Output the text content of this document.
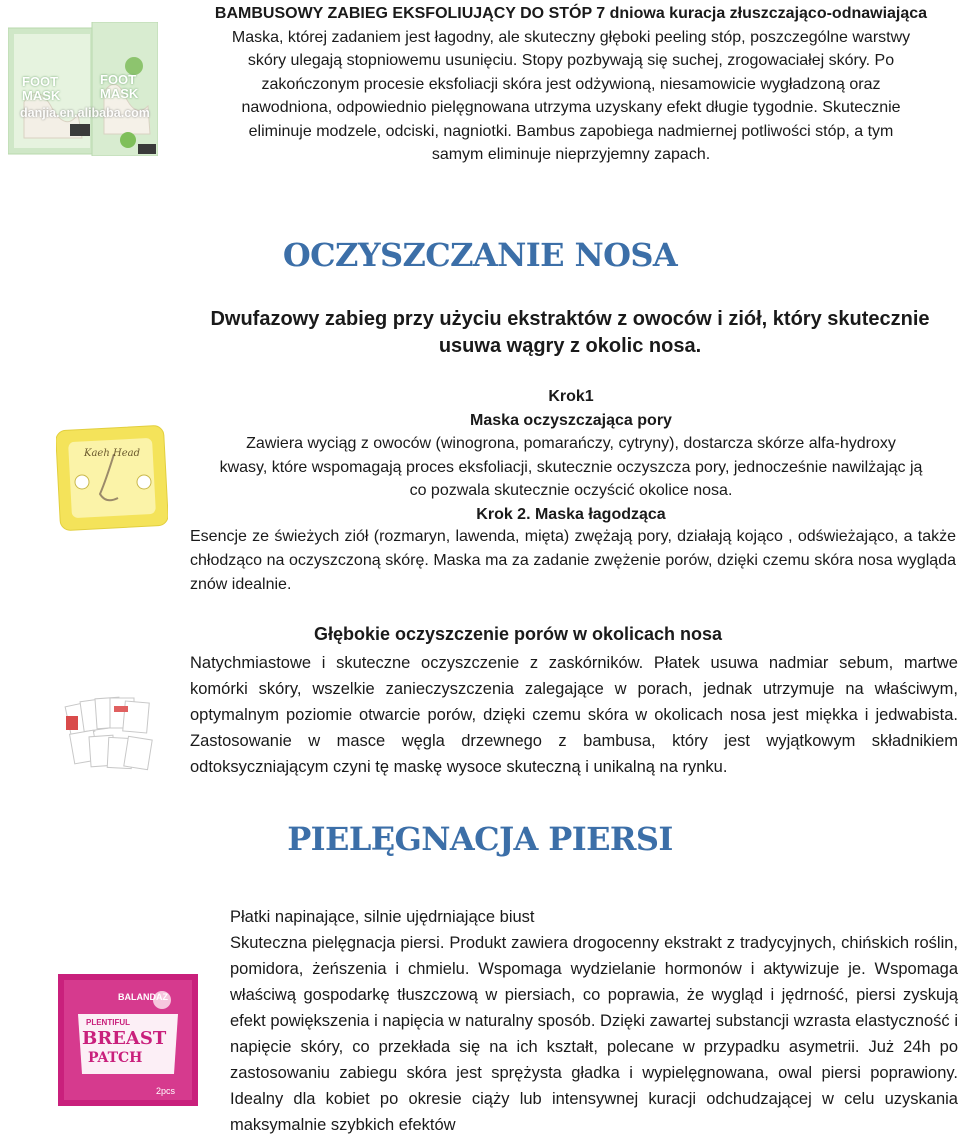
FOOT
MASK
FOOT
MASK
danjia.en.alibaba.com

BAMBUSOWY ZABIEG EKSFOLIUJĄCY DO STÓP 7 dniowa kuracja złuszczająco-odnawiająca

Maska, której zadaniem jest łagodny, ale skuteczny głęboki peeling stóp, poszczególne warstwy

skóry ulegają stopniowemu usunięciu. Stopy pozbywają się suchej, zrogowaciałej skóry. Po

zakończonym procesie eksfoliacji skóra jest odżywioną, niesamowicie wygładzoną oraz

nawodniona, odpowiednio pielęgnowana utrzyma uzyskany efekt długie tygodnie. Skutecznie

eliminuje modzele, odciski, nagniotki. Bambus zapobiega nadmiernej potliwości stóp, a tym

samym eliminuje nieprzyjemny zapach.

OCZYSZCZANIE NOSA

Dwufazowy zabieg przy użyciu ekstraktów z owoców i ziół, który skutecznie

usuwa wągry z okolic nosa.

Kaeh Head

Krok1

Maska oczyszczająca pory

Zawiera wyciąg z owoców (winogrona, pomarańczy, cytryny), dostarcza skórze alfa-hydroxy

kwasy, które wspomagają proces eksfoliacji, skutecznie oczyszcza pory, jednocześnie nawilżając ją

co pozwala skutecznie oczyścić okolice nosa.

Krok 2. Maska łagodząca

Esencje ze świeżych ziół (rozmaryn, lawenda, mięta) zwężają pory, działają kojąco , odświeżająco, a także chłodząco na oczyszczoną skórę. Maska ma za zadanie zwężenie porów, dzięki czemu skóra nosa wygląda znów idealnie.

Głębokie oczyszczenie porów w okolicach nosa

Natychmiastowe i skuteczne oczyszczenie z zaskórników. Płatek usuwa nadmiar sebum, martwe komórki skóry, wszelkie zanieczyszczenia zalegające w porach, jednak utrzymuje na właściwym, optymalnym poziomie otwarcie porów, dzięki czemu skóra w okolicach nosa jest miękka i jedwabista. Zastosowanie w masce węgla drzewnego z bambusa, który jest wyjątkowym składnikiem odtoksyczniającym czyni tę maskę wysoce skuteczną i unikalną na rynku.

PIELĘGNACJA PIERSI

Płatki napinające, silnie ujędrniające biust

BALANDAZ
PLENTIFUL
BREAST
PATCH
2pcs

Skuteczna pielęgnacja piersi. Produkt zawiera drogocenny ekstrakt z tradycyjnych, chińskich roślin, pomidora, żeńszenia i chmielu. Wspomaga wydzielanie hormonów i aktywizuje je. Wspomaga właściwą gospodarkę tłuszczową w piersiach, co poprawia, że wygląd i jędrność, piersi zyskują efekt powiększenia i napięcia w naturalny sposób. Dzięki zawartej substancji wzrasta elastyczność i napięcie skóry, co przekłada się na ich kształt, polecane w przypadku asymetrii. Już 24h po zastosowaniu zabiegu skóra jest sprężysta gładka i wypielęgnowana, owal piersi poprawiony. Idealny dla kobiet po okresie ciąży lub intensywnej kuracji odchudzającej w celu uzyskania maksymalnie szybkich efektów
